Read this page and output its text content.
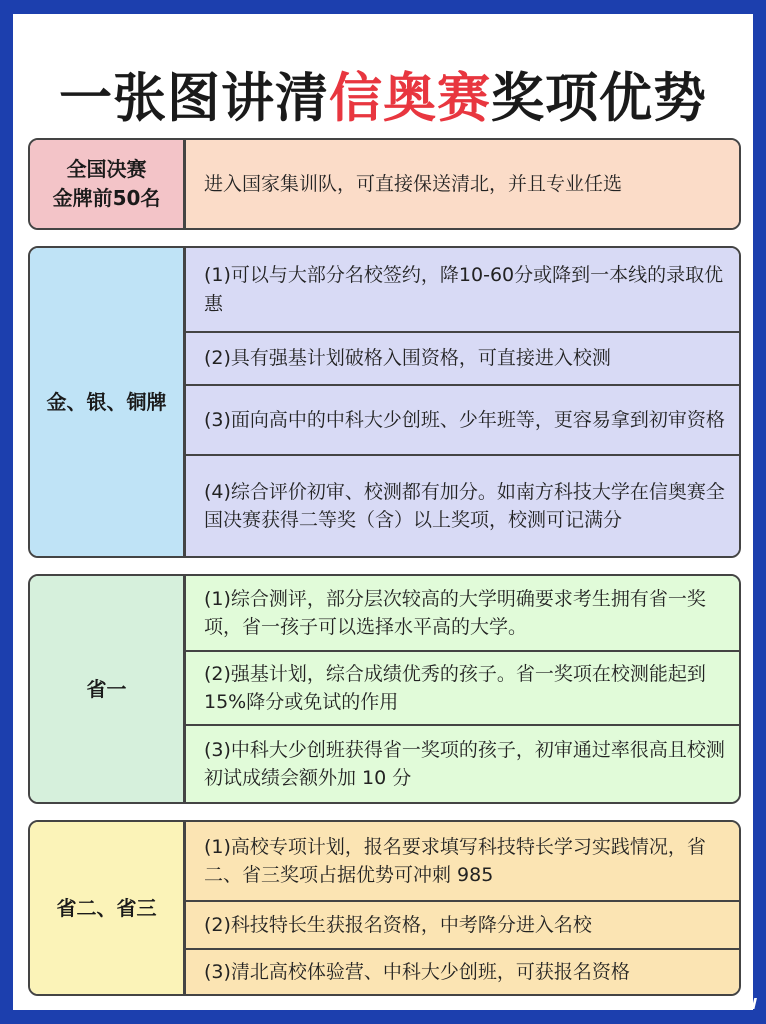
一张图讲清信奥赛奖项优势
全国决赛
金牌前50名
进入国家集训队，可直接保送清北，并且专业任选
金、银、铜牌
(1)可以与大部分名校签约，降10-60分或降到一本线的录取优惠
(2)具有强基计划破格入围资格，可直接进入校测
(3)面向高中的中科大少创班、少年班等，更容易拿到初审资格
(4)综合评价初审、校测都有加分。如南方科技大学在信奥赛全国决赛获得二等奖（含）以上奖项，校测可记满分
省一
(1)综合测评，部分层次较高的大学明确要求考生拥有省一奖项，省一孩子可以选择水平高的大学。
(2)强基计划，综合成绩优秀的孩子。省一奖项在校测能起到15%降分或免试的作用
(3)中科大少创班获得省一奖项的孩子，初审通过率很高且校测初试成绩会额外加 10 分
省二、省三
(1)高校专项计划，报名要求填写科技特长学习实践情况，省二、省三奖项占据优势可冲刺 985
(2)科技特长生获报名资格，中考降分进入名校
(3)清北高校体验营、中科大少创班，可获报名资格
X-NEW
